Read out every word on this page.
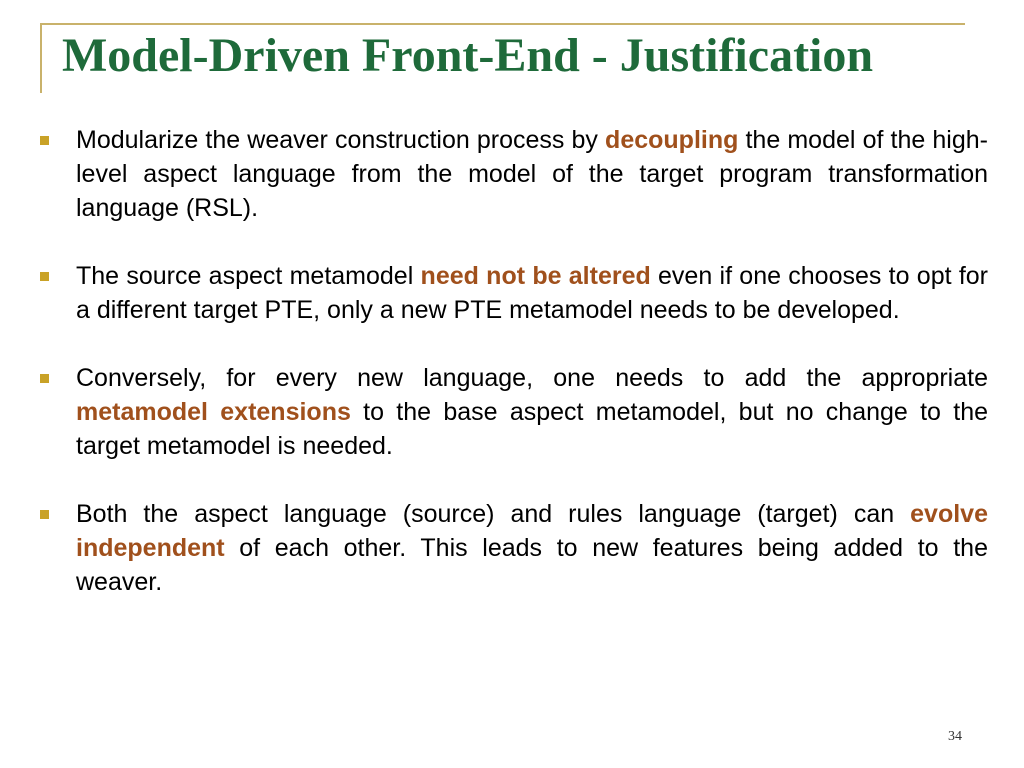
Model-Driven Front-End - Justification
Modularize the weaver construction process by decoupling the model of the high-level aspect language from the model of the target program transformation language (RSL).
The source aspect metamodel need not be altered even if one chooses to opt for a different target PTE, only a new PTE metamodel needs to be developed.
Conversely, for every new language, one needs to add the appropriate metamodel extensions to the base aspect metamodel, but no change to the target metamodel is needed.
Both the aspect language (source) and rules language (target) can evolve independent of each other. This leads to new features being added to the weaver.
34
